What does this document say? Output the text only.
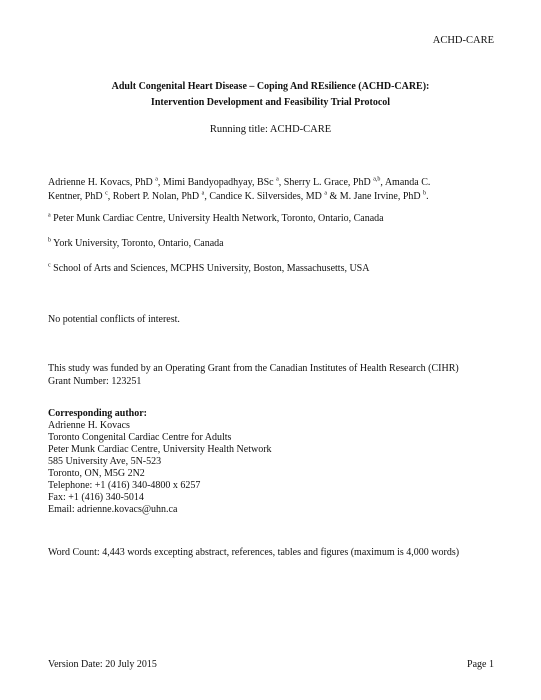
ACHD-CARE
Adult Congenital Heart Disease – Coping And REsilience (ACHD-CARE):
Intervention Development and Feasibility Trial Protocol
Running title: ACHD-CARE
Adrienne H. Kovacs, PhD $^a$, Mimi Bandyopadhyay, BSc $^a$, Sherry L. Grace, PhD $^{a,b}$, Amanda C.
Kentner, PhD $^c$, Robert P. Nolan, PhD $^a$, Candice K. Silversides, MD $^a$ & M. Jane Irvine, PhD $^b$.
$^a$ Peter Munk Cardiac Centre, University Health Network, Toronto, Ontario, Canada
$^b$ York University, Toronto, Ontario, Canada
$^c$ School of Arts and Sciences, MCPHS University, Boston, Massachusetts, USA
No potential conflicts of interest.
This study was funded by an Operating Grant from the Canadian Institutes of Health Research (CIHR)
Grant Number: 123251
Corresponding author:
Adrienne H. Kovacs
Toronto Congenital Cardiac Centre for Adults
Peter Munk Cardiac Centre, University Health Network
585 University Ave, 5N-523
Toronto, ON, M5G 2N2
Telephone: +1 (416) 340-4800 x 6257
Fax: +1 (416) 340-5014
Email: adrienne.kovacs@uhn.ca
Word Count: 4,443 words excepting abstract, references, tables and figures (maximum is 4,000 words)
Version Date: 20 July 2015	Page 1
